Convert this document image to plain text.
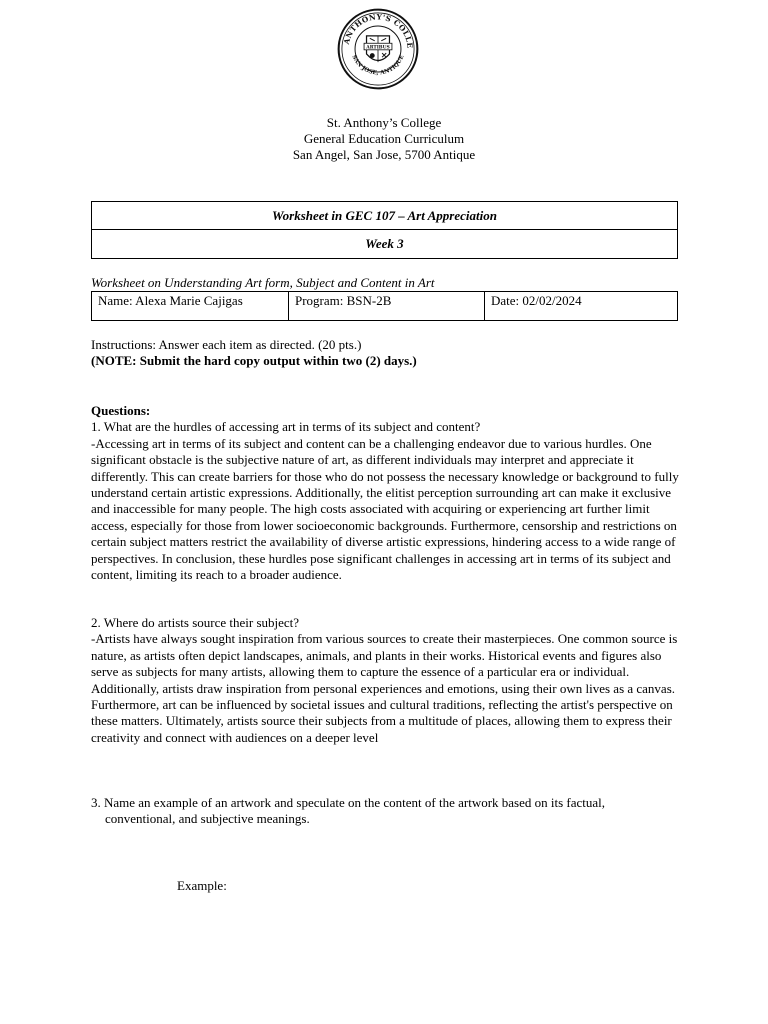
ANTHONY'S COLLE
SAN JOSE, ANTIQUE
ARTIBUS
St. Anthony’s College
General Education Curriculum
San Angel, San Jose, 5700 Antique
Worksheet in GEC 107 – Art Appreciation
Week 3
Worksheet on Understanding Art form, Subject and Content in Art
Name: Alexa Marie Cajigas	Program: BSN-2B	Date: 02/02/2024

Instructions: Answer each item as directed. (20 pts.)

(NOTE: Submit the hard copy output within two (2) days.)

Questions:

1. What are the hurdles of accessing art in terms of its subject and content?

-Accessing art in terms of its subject and content can be a challenging endeavor due to various hurdles. One significant obstacle is the subjective nature of art, as different individuals may interpret and appreciate it differently. This can create barriers for those who do not possess the necessary knowledge or background to fully understand certain artistic expressions. Additionally, the elitist perception surrounding art can make it exclusive and inaccessible for many people. The high costs associated with acquiring or experiencing art further limit access, especially for those from lower socioeconomic backgrounds. Furthermore, censorship and restrictions on certain subject matters restrict the availability of diverse artistic expressions, hindering access to a wide range of perspectives. In conclusion, these hurdles pose significant challenges in accessing art in terms of its subject and content, limiting its reach to a broader audience.

2. Where do artists source their subject?

-Artists have always sought inspiration from various sources to create their masterpieces. One common source is nature, as artists often depict landscapes, animals, and plants in their works. Historical events and figures also serve as subjects for many artists, allowing them to capture the essence of a particular era or individual. Additionally, artists draw inspiration from personal experiences and emotions, using their own lives as a canvas. Furthermore, art can be influenced by societal issues and cultural traditions, reflecting the artist's perspective on these matters. Ultimately, artists source their subjects from a multitude of places, allowing them to express their creativity and connect with audiences on a deeper level

3. Name an example of an artwork and speculate on the content of the artwork based on its factual,

conventional, and subjective meanings.

Example:
